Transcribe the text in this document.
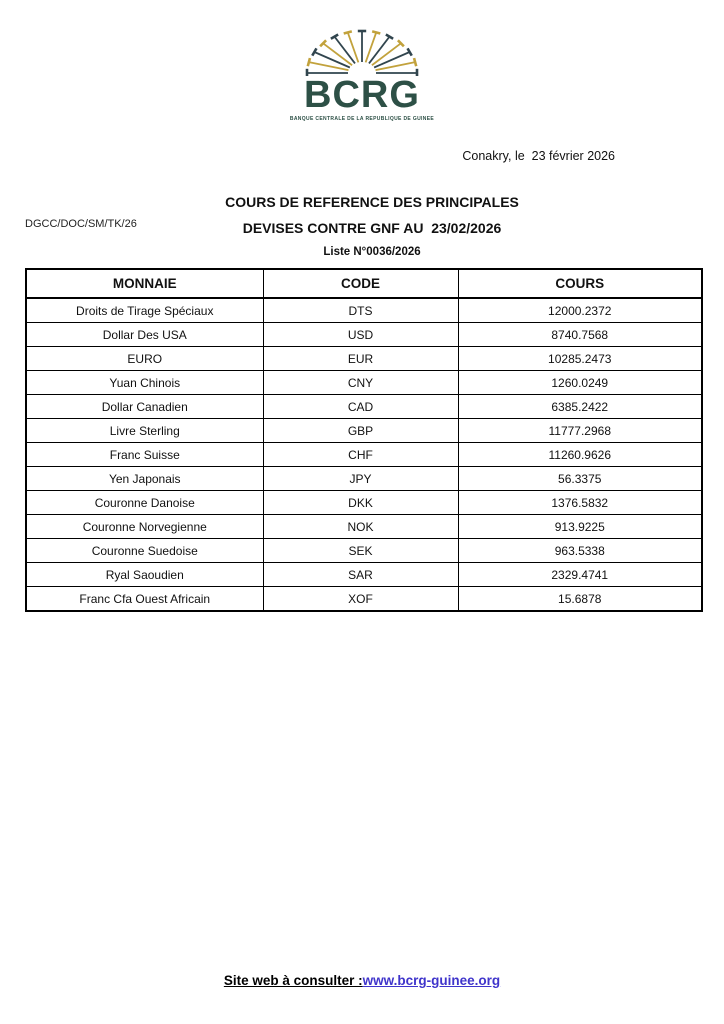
BCRG
BANQUE CENTRALE DE LA REPUBLIQUE DE GUINEE
Conakry, le  23 février 2026
DGCC/DOC/SM/TK/26
COURS DE REFERENCE DES PRINCIPALES
DEVISES CONTRE GNF AU  23/02/2026
Liste N°0036/2026
MONNAIE	CODE	COURS
Droits de Tirage Spéciaux	DTS	12000.2372
Dollar Des USA	USD	8740.7568
EURO	EUR	10285.2473
Yuan Chinois	CNY	1260.0249
Dollar Canadien	CAD	6385.2422
Livre Sterling	GBP	11777.2968
Franc Suisse	CHF	11260.9626
Yen Japonais	JPY	56.3375
Couronne Danoise	DKK	1376.5832
Couronne Norvegienne	NOK	913.9225
Couronne Suedoise	SEK	963.5338
Ryal Saoudien	SAR	2329.4741
Franc Cfa Ouest Africain	XOF	15.6878
Site web à consulter :www.bcrg-guinee.org
